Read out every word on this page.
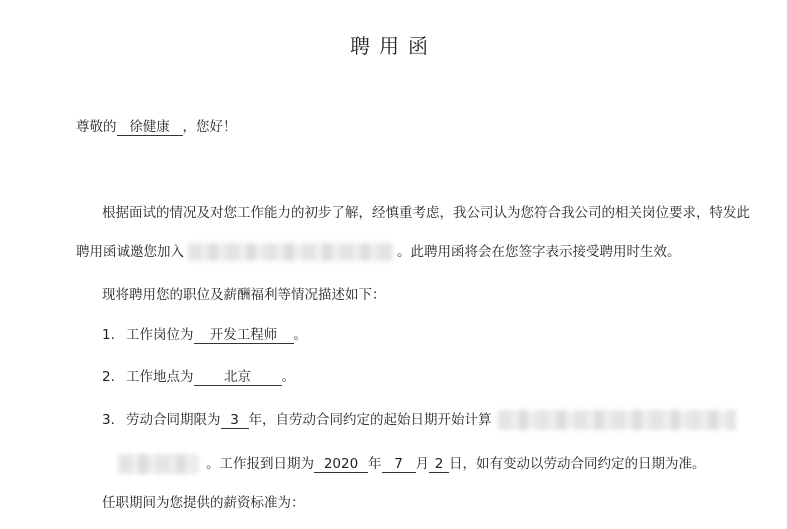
聘用函
尊敬的 徐健康 ，您好！
根据面试的情况及对您工作能力的初步了解，经慎重考虑，我公司认为您符合我公司的相关岗位要求，特发此
聘用函诚邀您加入	。此聘用函将会在您签字表示接受聘用时生效。
现将聘用您的职位及薪酬福利等情况描述如下：
1. 工作岗位为 开发工程师 。
2. 工作地点为 北京 。
3. 劳动合同期限为 3 年，自劳动合同约定的起始日期开始计算
。工作报到日期为 2020 年 7 月 2 日，如有变动以劳动合同约定的日期为准。
任职期间为您提供的薪资标准为：
